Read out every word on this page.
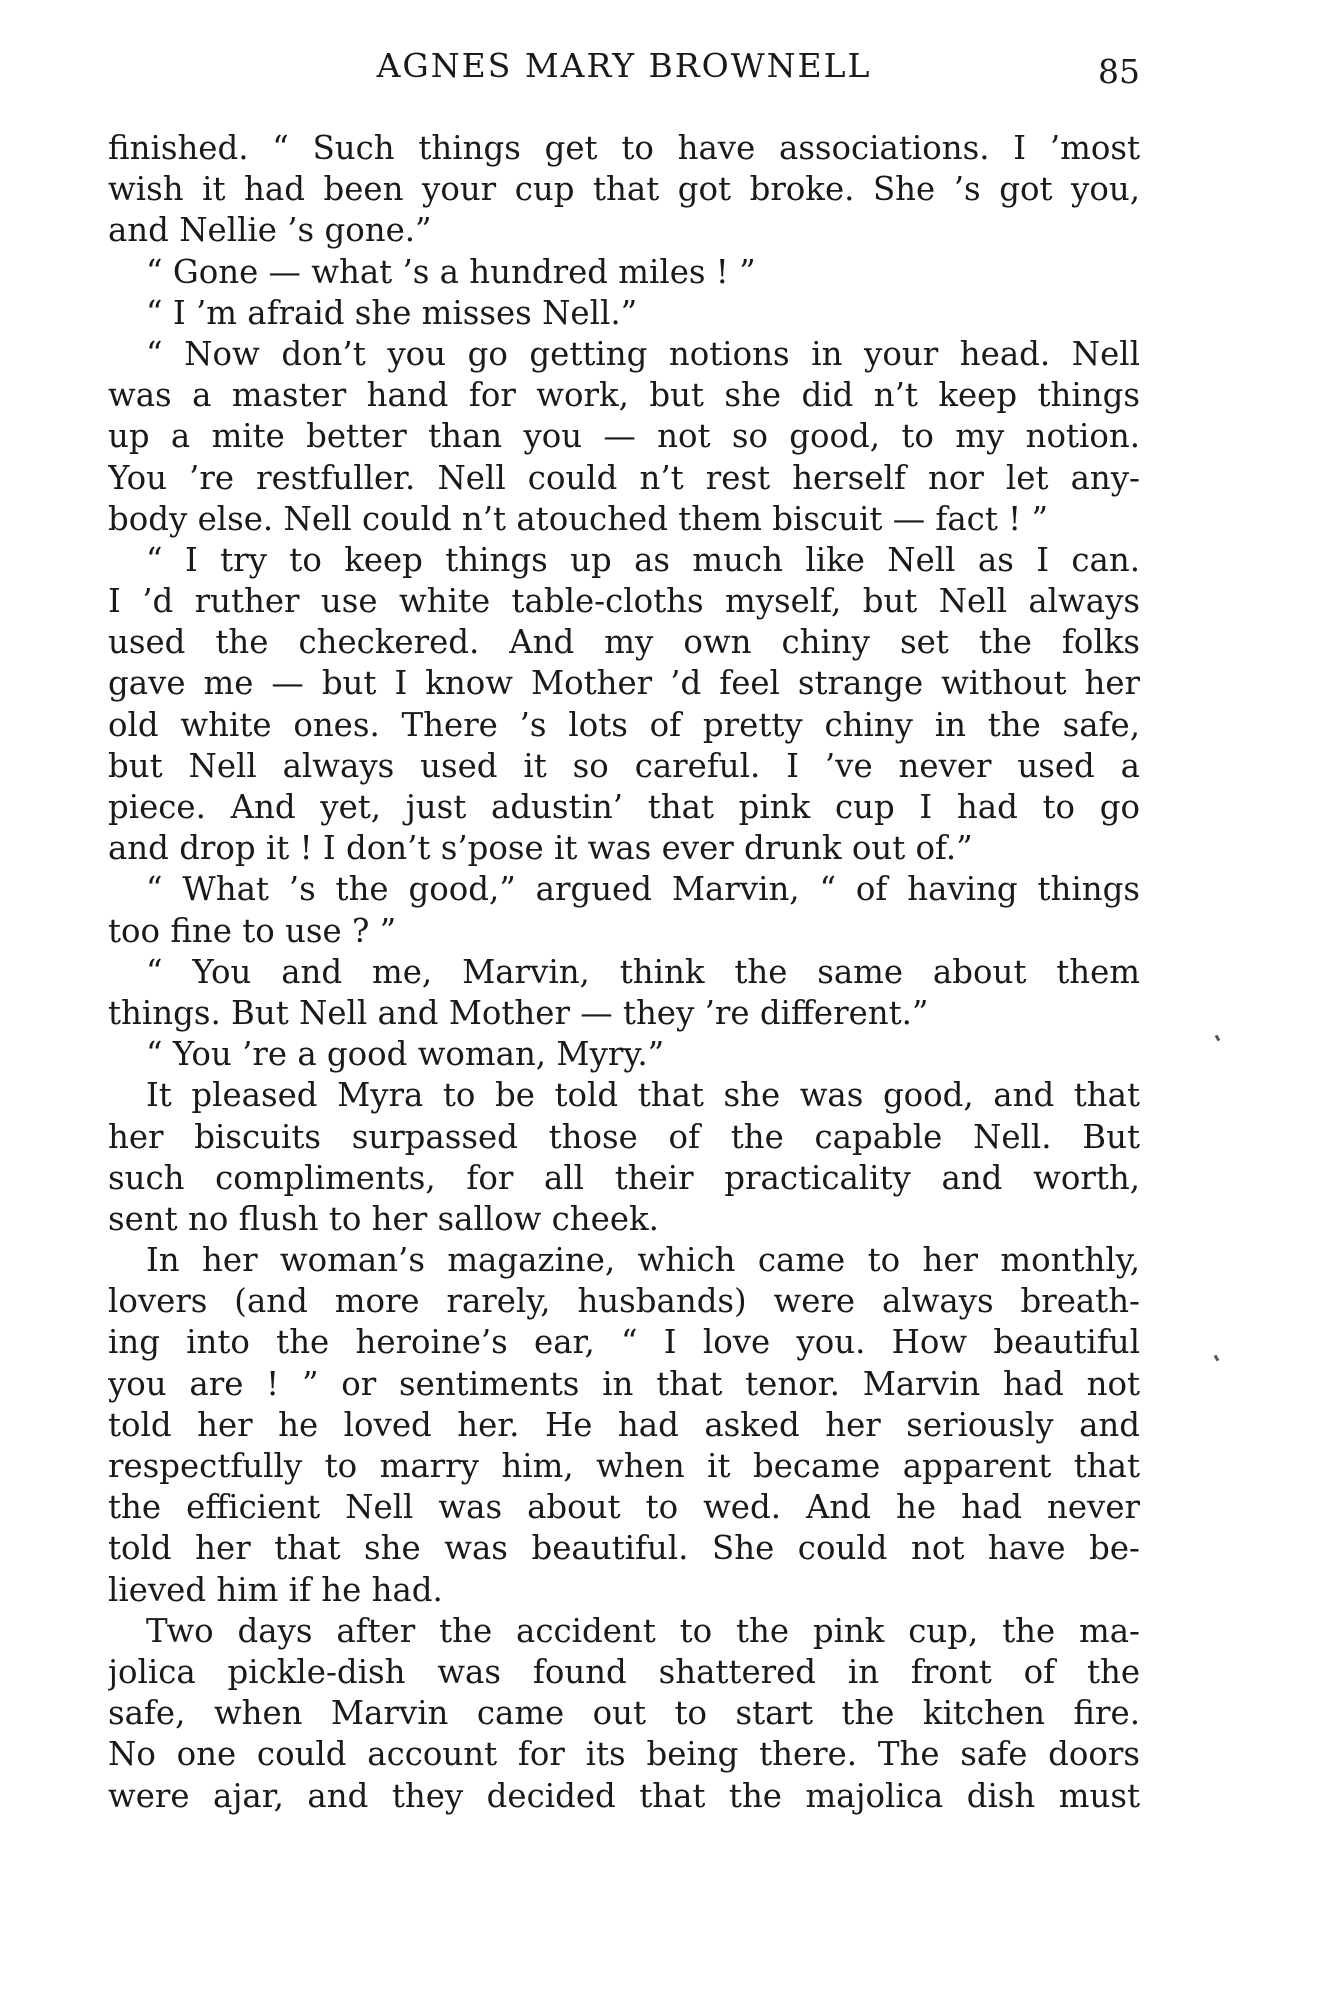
AGNES MARY BROWNELL	85
finished. “ Such things get to have associations. I ’most
wish it had been your cup that got broke. She ’s got you,
and Nellie ’s gone.”
“ Gone — what ’s a hundred miles ! ”
“ I ’m afraid she misses Nell.”
“ Now don’t you go getting notions in your head. Nell
was a master hand for work, but she did n’t keep things
up a mite better than you — not so good, to my notion.
You ’re restfuller. Nell could n’t rest herself nor let any-
body else. Nell could n’t atouched them biscuit — fact ! ”
“ I try to keep things up as much like Nell as I can.
I ’d ruther use white table-cloths myself, but Nell always
used the checkered. And my own chiny set the folks
gave me — but I know Mother ’d feel strange without her
old white ones. There ’s lots of pretty chiny in the safe,
but Nell always used it so careful. I ’ve never used a
piece. And yet, just adustin’ that pink cup I had to go
and drop it ! I don’t s’pose it was ever drunk out of.”
“ What ’s the good,” argued Marvin, “ of having things
too fine to use ? ”
“ You and me, Marvin, think the same about them
things. But Nell and Mother — they ’re different.”
“ You ’re a good woman, Myry.”
It pleased Myra to be told that she was good, and that
her biscuits surpassed those of the capable Nell. But
such compliments, for all their practicality and worth,
sent no flush to her sallow cheek.
In her woman’s magazine, which came to her monthly,
lovers (and more rarely, husbands) were always breath-
ing into the heroine’s ear, “ I love you. How beautiful
you are ! ” or sentiments in that tenor. Marvin had not
told her he loved her. He had asked her seriously and
respectfully to marry him, when it became apparent that
the efficient Nell was about to wed. And he had never
told her that she was beautiful. She could not have be-
lieved him if he had.
Two days after the accident to the pink cup, the ma-
jolica pickle-dish was found shattered in front of the
safe, when Marvin came out to start the kitchen fire.
No one could account for its being there. The safe doors
were ajar, and they decided that the majolica dish must
